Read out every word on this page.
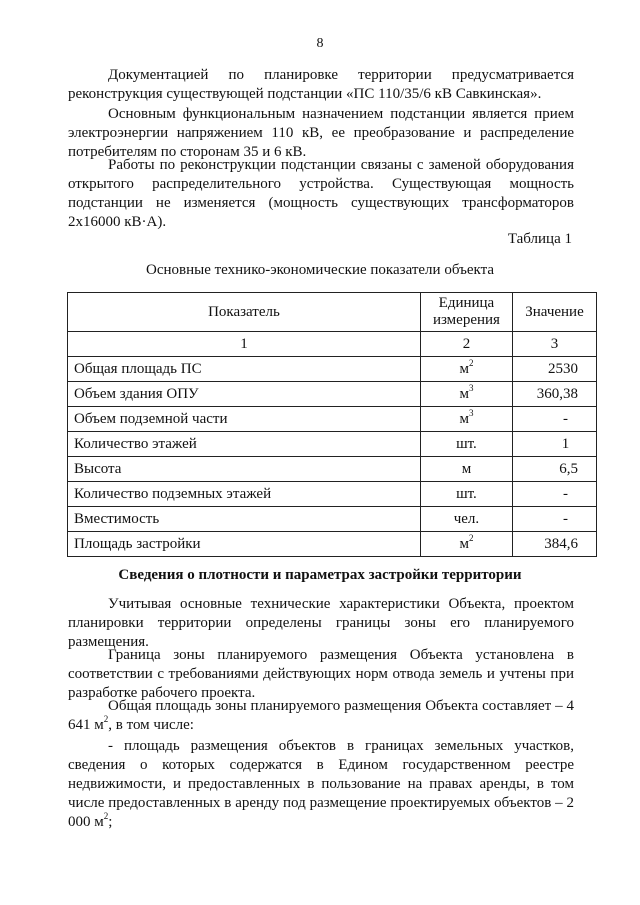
8

Документацией по планировке территории предусматривается реконструкция существующей подстанции «ПС 110/35/6 кВ Савкинская».

Основным функциональным назначением подстанции является прием электроэнергии напряжением 110 кВ, ее преобразование и распределение потребителям по сторонам 35 и 6 кВ.

Работы по реконструкции подстанции связаны с заменой оборудования открытого распределительного устройства. Существующая мощность подстанции не изменяется (мощность существующих трансформаторов 2х16000 кВ·А).

Таблица 1
Основные технико-экономические показатели объекта
Показатель	Единица измерения	Значение
1	2	3
Общая площадь ПС	$м^2$	2530
Объем здания ОПУ	$м^3$	360,38
Объем подземной части	$м^3$	-
Количество этажей	шт.	1
Высота	м	6,5
Количество подземных этажей	шт.	-
Вместимость	чел.	-
Площадь застройки	$м^2$	384,6
Сведения о плотности и параметрах застройки территории

Учитывая основные технические характеристики Объекта, проектом планировки территории определены границы зоны его планируемого размещения.

Граница зоны планируемого размещения Объекта установлена в соответствии с требованиями действующих норм отвода земель и учтены при разработке рабочего проекта.

Общая площадь зоны планируемого размещения Объекта составляет – 4 641 $м^2$, в том числе:

- площадь размещения объектов в границах земельных участков, сведения о которых содержатся в Едином государственном реестре недвижимости, и предоставленных в пользование на правах аренды, в том числе предоставленных в аренду под размещение проектируемых объектов – 2 000 $м^2$;
